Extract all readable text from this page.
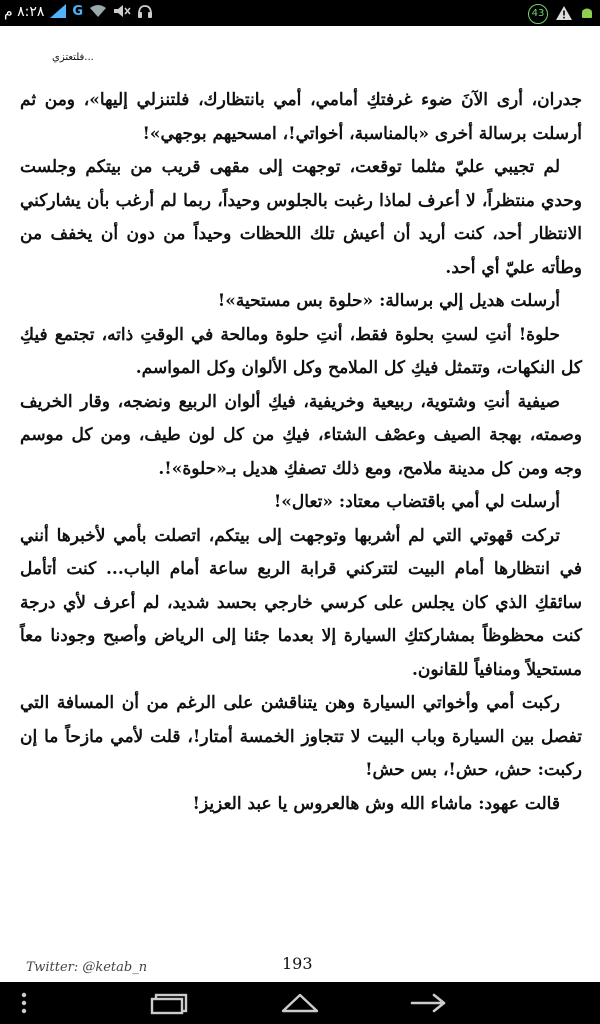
٨:٢٨ م G	43
فلتعتزي...

جدران، أرى الآنَ ضوء غرفتكِ أمامي، أمي بانتظارك، فلتنزلي إليها»، ومن ثم أرسلت برسالة أخرى «بالمناسبة، أخواتي!، امسحيهم بوجهي»!

لم تجيبي عليّ مثلما توقعت، توجهت إلى مقهى قريب من بيتكم وجلست وحدي منتظراً، لا أعرف لماذا رغبت بالجلوس وحيداً، ربما لم أرغب بأن يشاركني الانتظار أحد، كنت أريد أن أعيش تلك اللحظات وحيداً من دون أن يخفف من وطأته عليّ أي أحد.

أرسلت هديل إلي برسالة: «حلوة بس مستحية»!

حلوة! أنتِ لستِ بحلوة فقط، أنتِ حلوة ومالحة في الوقتِ ذاته، تجتمع فيكِ كل النكهات، وتتمثل فيكِ كل الملامح وكل الألوان وكل المواسم.

صيفية أنتِ وشتوية، ربيعية وخريفية، فيكِ ألوان الربيع ونضجه، وقار الخريف وصمته، بهجة الصيف وعصْف الشتاء، فيكِ من كل لون طيف، ومن كل موسم وجه ومن كل مدينة ملامح، ومع ذلك تصفكِ هديل بـ«حلوة»!.

أرسلت لي أمي باقتضاب معتاد: «تعال»!

تركت قهوتي التي لم أشربها وتوجهت إلى بيتكم، اتصلت بأمي لأخبرها أنني في انتظارها أمام البيت لتتركني قرابة الربع ساعة أمام الباب... كنت أتأمل سائقكِ الذي كان يجلس على كرسي خارجي بحسد شديد، لم أعرف لأي درجة كنت محظوظاً بمشاركتكِ السيارة إلا بعدما جئنا إلى الرياض وأصبح وجودنا معاً مستحيلاً ومنافياً للقانون.

ركبت أمي وأخواتي السيارة وهن يتناقشن على الرغم من أن المسافة التي تفصل بين السيارة وباب البيت لا تتجاوز الخمسة أمتار!، قلت لأمي مازحاً ما إن ركبت: حش، حش!، بس حش!

قالت عهود: ماشاء الله وش هالعروس يا عبد العزيز!

Twitter: @ketab_n	193
